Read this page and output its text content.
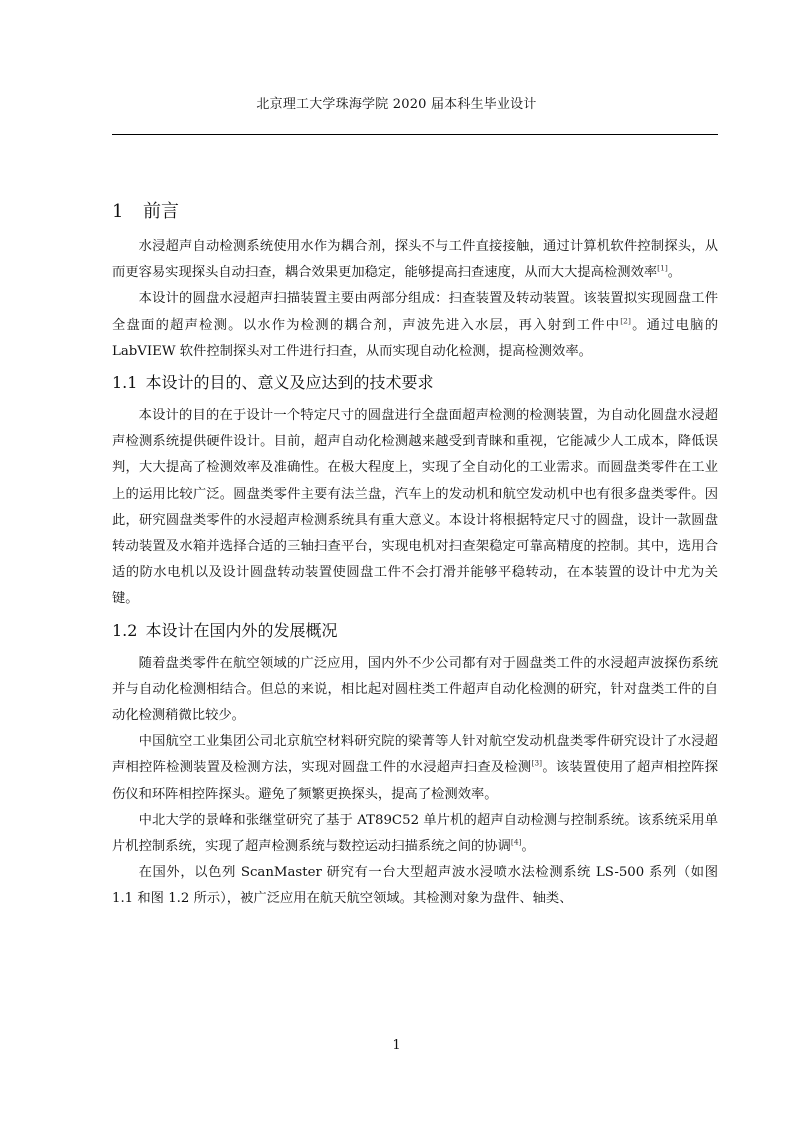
北京理工大学珠海学院 2020 届本科生毕业设计
1 前言

水浸超声自动检测系统使用水作为耦合剂，探头不与工件直接接触，通过计算机软件控制探头，从而更容易实现探头自动扫查，耦合效果更加稳定，能够提高扫查速度，从而大大提高检测效率[1]。

本设计的圆盘水浸超声扫描装置主要由两部分组成：扫查装置及转动装置。该装置拟实现圆盘工件全盘面的超声检测。以水作为检测的耦合剂，声波先进入水层，再入射到工件中[2]。通过电脑的 LabVIEW 软件控制探头对工件进行扫查，从而实现自动化检测，提高检测效率。

1.1 本设计的目的、意义及应达到的技术要求

本设计的目的在于设计一个特定尺寸的圆盘进行全盘面超声检测的检测装置，为自动化圆盘水浸超声检测系统提供硬件设计。目前，超声自动化检测越来越受到青睐和重视，它能减少人工成本，降低误判，大大提高了检测效率及准确性。在极大程度上，实现了全自动化的工业需求。而圆盘类零件在工业上的运用比较广泛。圆盘类零件主要有法兰盘，汽车上的发动机和航空发动机中也有很多盘类零件。因此，研究圆盘类零件的水浸超声检测系统具有重大意义。本设计将根据特定尺寸的圆盘，设计一款圆盘转动装置及水箱并选择合适的三轴扫查平台，实现电机对扫查架稳定可靠高精度的控制。其中，选用合适的防水电机以及设计圆盘转动装置使圆盘工件不会打滑并能够平稳转动，在本装置的设计中尤为关键。

1.2 本设计在国内外的发展概况

随着盘类零件在航空领域的广泛应用，国内外不少公司都有对于圆盘类工件的水浸超声波探伤系统并与自动化检测相结合。但总的来说，相比起对圆柱类工件超声自动化检测的研究，针对盘类工件的自动化检测稍微比较少。

中国航空工业集团公司北京航空材料研究院的梁菁等人针对航空发动机盘类零件研究设计了水浸超声相控阵检测装置及检测方法，实现对圆盘工件的水浸超声扫查及检测[3]。该装置使用了超声相控阵探伤仪和环阵相控阵探头。避免了频繁更换探头，提高了检测效率。

中北大学的景峰和张继堂研究了基于 AT89C52 单片机的超声自动检测与控制系统。该系统采用单片机控制系统，实现了超声检测系统与数控运动扫描系统之间的协调[4]。

在国外，以色列 ScanMaster 研究有一台大型超声波水浸喷水法检测系统 LS-500 系列（如图 1.1 和图 1.2 所示），被广泛应用在航天航空领域。其检测对象为盘件、轴类、

1
